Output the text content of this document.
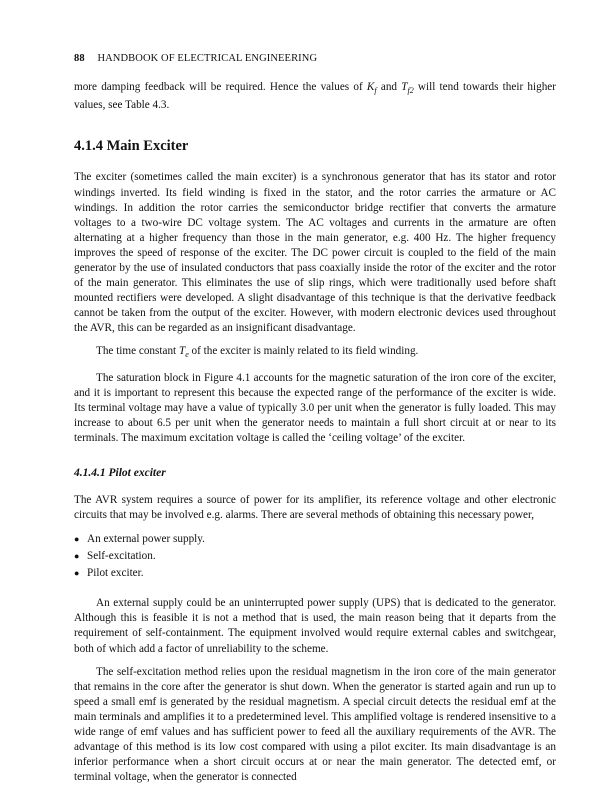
88 HANDBOOK OF ELECTRICAL ENGINEERING

more damping feedback will be required. Hence the values of $K_f$ and $T_{f2}$ will tend towards their higher values, see Table 4.3.

4.1.4 Main Exciter

The exciter (sometimes called the main exciter) is a synchronous generator that has its stator and rotor windings inverted. Its field winding is fixed in the stator, and the rotor carries the armature or AC windings. In addition the rotor carries the semiconductor bridge rectifier that converts the armature voltages to a two-wire DC voltage system. The AC voltages and currents in the armature are often alternating at a higher frequency than those in the main generator, e.g. 400 Hz. The higher frequency improves the speed of response of the exciter. The DC power circuit is coupled to the field of the main generator by the use of insulated conductors that pass coaxially inside the rotor of the exciter and the rotor of the main generator. This eliminates the use of slip rings, which were traditionally used before shaft mounted rectifiers were developed. A slight disadvantage of this technique is that the derivative feedback cannot be taken from the output of the exciter. However, with modern electronic devices used throughout the AVR, this can be regarded as an insignificant disadvantage.

The time constant $T_e$ of the exciter is mainly related to its field winding.

The saturation block in Figure 4.1 accounts for the magnetic saturation of the iron core of the exciter, and it is important to represent this because the expected range of the performance of the exciter is wide. Its terminal voltage may have a value of typically 3.0 per unit when the generator is fully loaded. This may increase to about 6.5 per unit when the generator needs to maintain a full short circuit at or near to its terminals. The maximum excitation voltage is called the ‘ceiling voltage’ of the exciter.

4.1.4.1 Pilot exciter

The AVR system requires a source of power for its amplifier, its reference voltage and other electronic circuits that may be involved e.g. alarms. There are several methods of obtaining this necessary power,

● An external power supply.
● Self-excitation.
● Pilot exciter.

An external supply could be an uninterrupted power supply (UPS) that is dedicated to the generator. Although this is feasible it is not a method that is used, the main reason being that it departs from the requirement of self-containment. The equipment involved would require external cables and switchgear, both of which add a factor of unreliability to the scheme.

The self-excitation method relies upon the residual magnetism in the iron core of the main generator that remains in the core after the generator is shut down. When the generator is started again and run up to speed a small emf is generated by the residual magnetism. A special circuit detects the residual emf at the main terminals and amplifies it to a predetermined level. This amplified voltage is rendered insensitive to a wide range of emf values and has sufficient power to feed all the auxiliary requirements of the AVR. The advantage of this method is its low cost compared with using a pilot exciter. Its main disadvantage is an inferior performance when a short circuit occurs at or near the main generator. The detected emf, or terminal voltage, when the generator is connected
